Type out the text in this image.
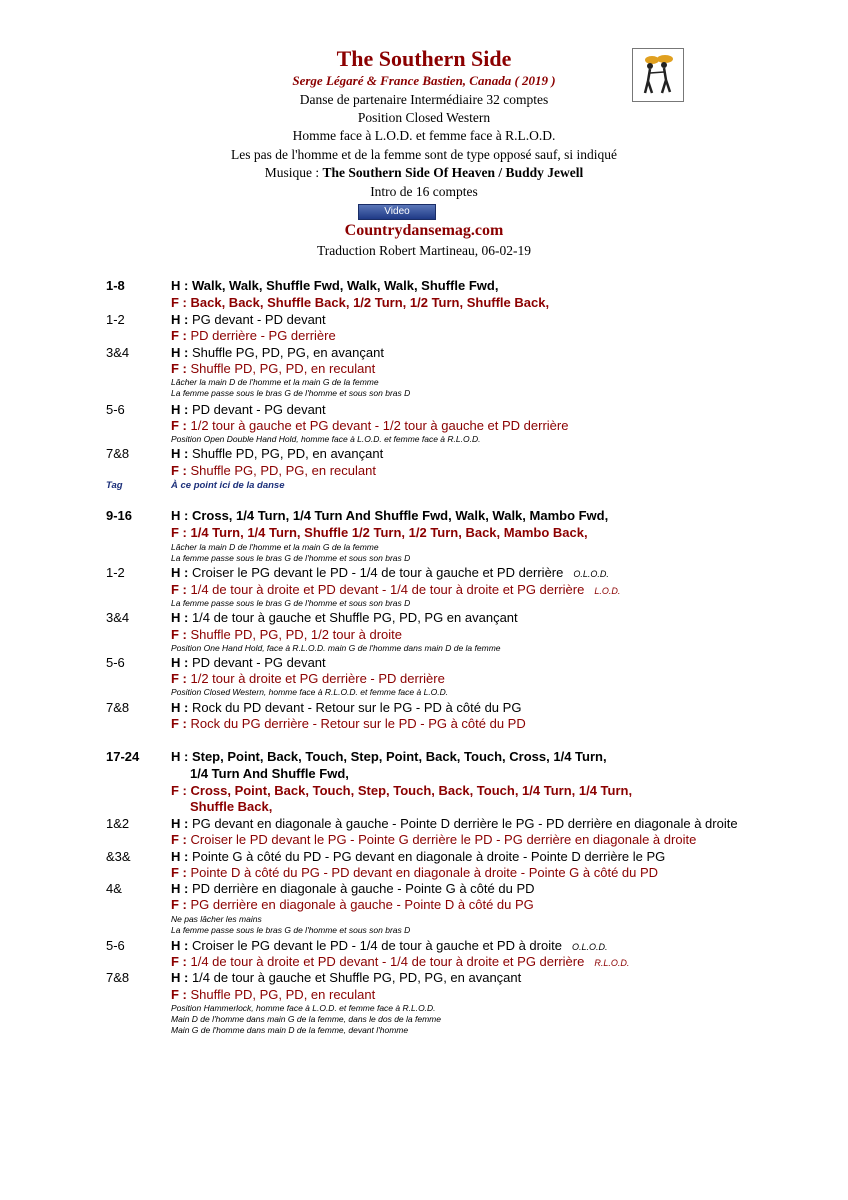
The Southern Side
Serge Légaré & France Bastien, Canada ( 2019 )
Danse de partenaire Intermédiaire 32 comptes
Position Closed Western
Homme face à L.O.D. et femme face à R.L.O.D.
Les pas de l'homme et de la femme sont de type opposé sauf, si indiqué
Musique : The Southern Side Of Heaven / Buddy Jewell
Intro de 16 comptes
Video
Countrydansemag.com
Traduction Robert Martineau, 06-02-19
1-8	H : Walk, Walk, Shuffle Fwd, Walk, Walk, Shuffle Fwd,
F : Back, Back, Shuffle Back, 1/2 Turn, 1/2 Turn, Shuffle Back,
1-2	H : PG devant - PD devant
F : PD derrière - PG derrière
3&4	H : Shuffle PG, PD, PG, en avançant
F : Shuffle PD, PG, PD, en reculant
Lâcher la main D de l'homme et la main G de la femme
La femme passe sous le bras G de l'homme et sous son bras D
5-6	H : PD devant - PG devant
F : 1/2 tour à gauche et PG devant - 1/2 tour à gauche et PD derrière
Position Open Double Hand Hold, homme face à L.O.D. et femme face à R.L.O.D.
7&8	H : Shuffle PD, PG, PD, en avançant
F : Shuffle PG, PD, PG, en reculant
Tag	À ce point ici de la danse
9-16	H : Cross, 1/4 Turn, 1/4 Turn And Shuffle Fwd, Walk, Walk, Mambo Fwd,
F : 1/4 Turn, 1/4 Turn, Shuffle 1/2 Turn, 1/2 Turn, Back, Mambo Back,
Lâcher la main D de l'homme et la main G de la femme
La femme passe sous le bras G de l'homme et sous son bras D
1-2	H : Croiser le PG devant le PD - 1/4 de tour à gauche et PD derrière O.L.O.D.
F : 1/4 de tour à droite et PD devant - 1/4 de tour à droite et PG derrière L.O.D.
La femme passe sous le bras G de l'homme et sous son bras D
3&4	H : 1/4 de tour à gauche et Shuffle PG, PD, PG en avançant
F : Shuffle PD, PG, PD, 1/2 tour à droite
Position One Hand Hold, face à R.L.O.D. main G de l'homme dans main D de la femme
5-6	H : PD devant - PG devant
F : 1/2 tour à droite et PG derrière - PD derrière
Position Closed Western, homme face à R.L.O.D. et femme face à L.O.D.
7&8	H : Rock du PD devant - Retour sur le PG - PD à côté du PG
F : Rock du PG derrière - Retour sur le PD - PG à côté du PD
17-24 H : Step, Point, Back, Touch, Step, Point, Back, Touch, Cross, 1/4 Turn,
1/4 Turn And Shuffle Fwd,
F : Cross, Point, Back, Touch, Step, Touch, Back, Touch, 1/4 Turn, 1/4 Turn,
Shuffle Back,
1&2	H : PG devant en diagonale à gauche - Pointe D derrière le PG - PD derrière en diagonale à droite
F : Croiser le PD devant le PG - Pointe G derrière le PD - PG derrière en diagonale à droite
&3&	H : Pointe G à côté du PD - PG devant en diagonale à droite - Pointe D derrière le PG
F : Pointe D à côté du PG - PD devant en diagonale à droite - Pointe G à côté du PD
4&	H : PD derrière en diagonale à gauche - Pointe G à côté du PD
F : PG derrière en diagonale à gauche - Pointe D à côté du PG
Ne pas lâcher les mains
La femme passe sous le bras G de l'homme et sous son bras D
5-6	H : Croiser le PG devant le PD - 1/4 de tour à gauche et PD à droite O.L.O.D.
F : 1/4 de tour à droite et PD devant - 1/4 de tour à droite et PG derrière R.L.O.D.
7&8	H : 1/4 de tour à gauche et Shuffle PG, PD, PG, en avançant
F : Shuffle PD, PG, PD, en reculant
Position Hammerlock, homme face à L.O.D. et femme face à R.L.O.D.
Main D de l'homme dans main G de la femme, dans le dos de la femme
Main G de l'homme dans main D de la femme, devant l'homme
